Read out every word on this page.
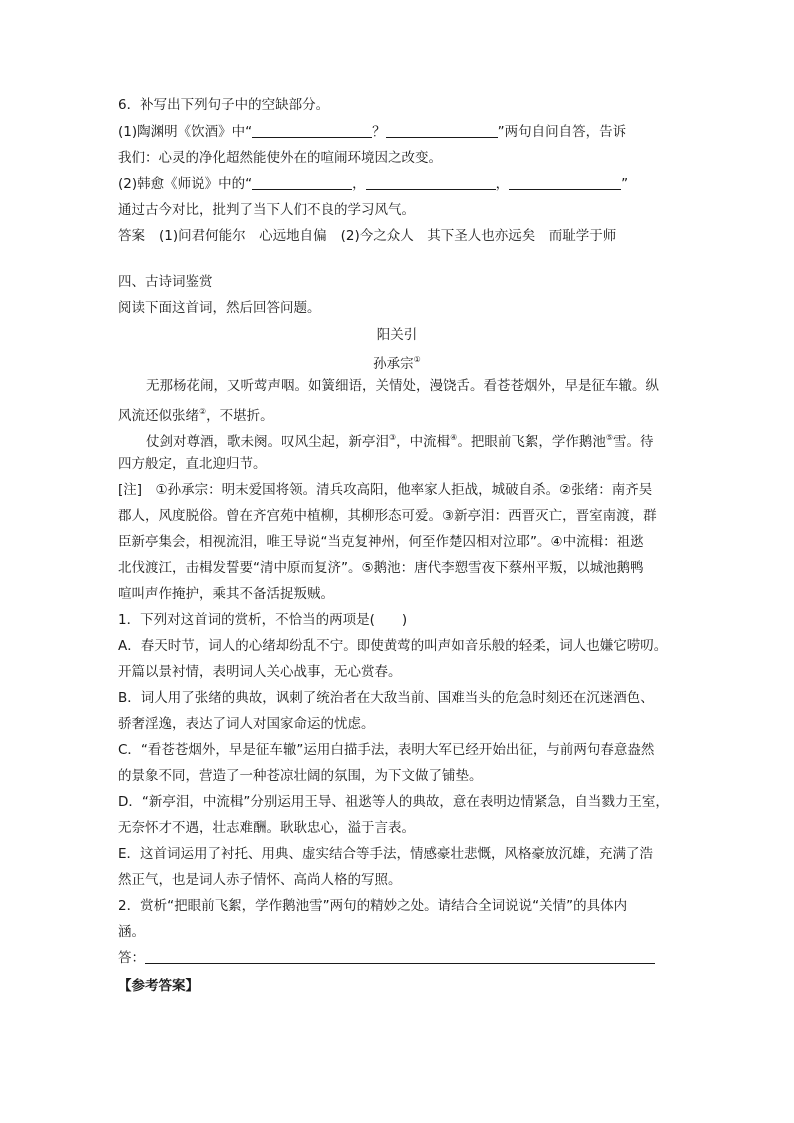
6．补写出下列句子中的空缺部分。
(1)陶渊明《饮酒》中“	？	”两句自问自答，告诉
我们：心灵的净化超然能使外在的喧闹环境因之改变。
(2)韩愈《师说》中的“	，	，	”
通过古今对比，批判了当下人们不良的学习风气。
答案 (1)问君何能尔　心远地自偏 (2)今之众人　其下圣人也亦远矣　而耻学于师
四、古诗词鉴赏
阅读下面这首词，然后回答问题。
阳关引
孙承宗①
无那杨花闹，又听莺声咽。如簧细语，关情处，漫饶舌。看苍苍烟外，早是征车辙。纵
风流还似张绪②，不堪折。
仗剑对尊酒，歌未阕。叹风尘起，新亭泪③，中流楫④。把眼前飞絮，学作鹅池⑤雪。待
四方般定，直北迎归节。
[注]　①孙承宗：明末爱国将领。清兵攻高阳，他率家人拒战，城破自杀。②张绪：南齐吴
郡人，风度脱俗。曾在齐宫苑中植柳，其柳形态可爱。③新亭泪：西晋灭亡，晋室南渡，群
臣新亭集会，相视流泪，唯王导说“当克复神州，何至作楚囚相对泣耶”。④中流楫：祖逖
北伐渡江，击楫发誓要“清中原而复济”。⑤鹅池：唐代李愬雪夜下蔡州平叛，以城池鹅鸭
喧叫声作掩护，乘其不备活捉叛贼。
1．下列对这首词的赏析，不恰当的两项是(　　)
A．春天时节，词人的心绪却纷乱不宁。即使黄莺的叫声如音乐般的轻柔，词人也嫌它唠叨。
开篇以景衬情，表明词人关心战事，无心赏春。
B．词人用了张绪的典故，讽刺了统治者在大敌当前、国难当头的危急时刻还在沉迷酒色、
骄奢淫逸，表达了词人对国家命运的忧虑。
C．“看苍苍烟外，早是征车辙”运用白描手法，表明大军已经开始出征，与前两句春意盎然
的景象不同，营造了一种苍凉壮阔的氛围，为下文做了铺垫。
D．“新亭泪，中流楫”分别运用王导、祖逖等人的典故，意在表明边情紧急，自当戮力王室，
无奈怀才不遇，壮志难酬。耿耿忠心，溢于言表。
E．这首词运用了衬托、用典、虚实结合等手法，情感豪壮悲慨，风格豪放沉雄，充满了浩
然正气，也是词人赤子情怀、高尚人格的写照。
2．赏析“把眼前飞絮，学作鹅池雪”两句的精妙之处。请结合全词说说“关情”的具体内
涵。
答：
【参考答案】
